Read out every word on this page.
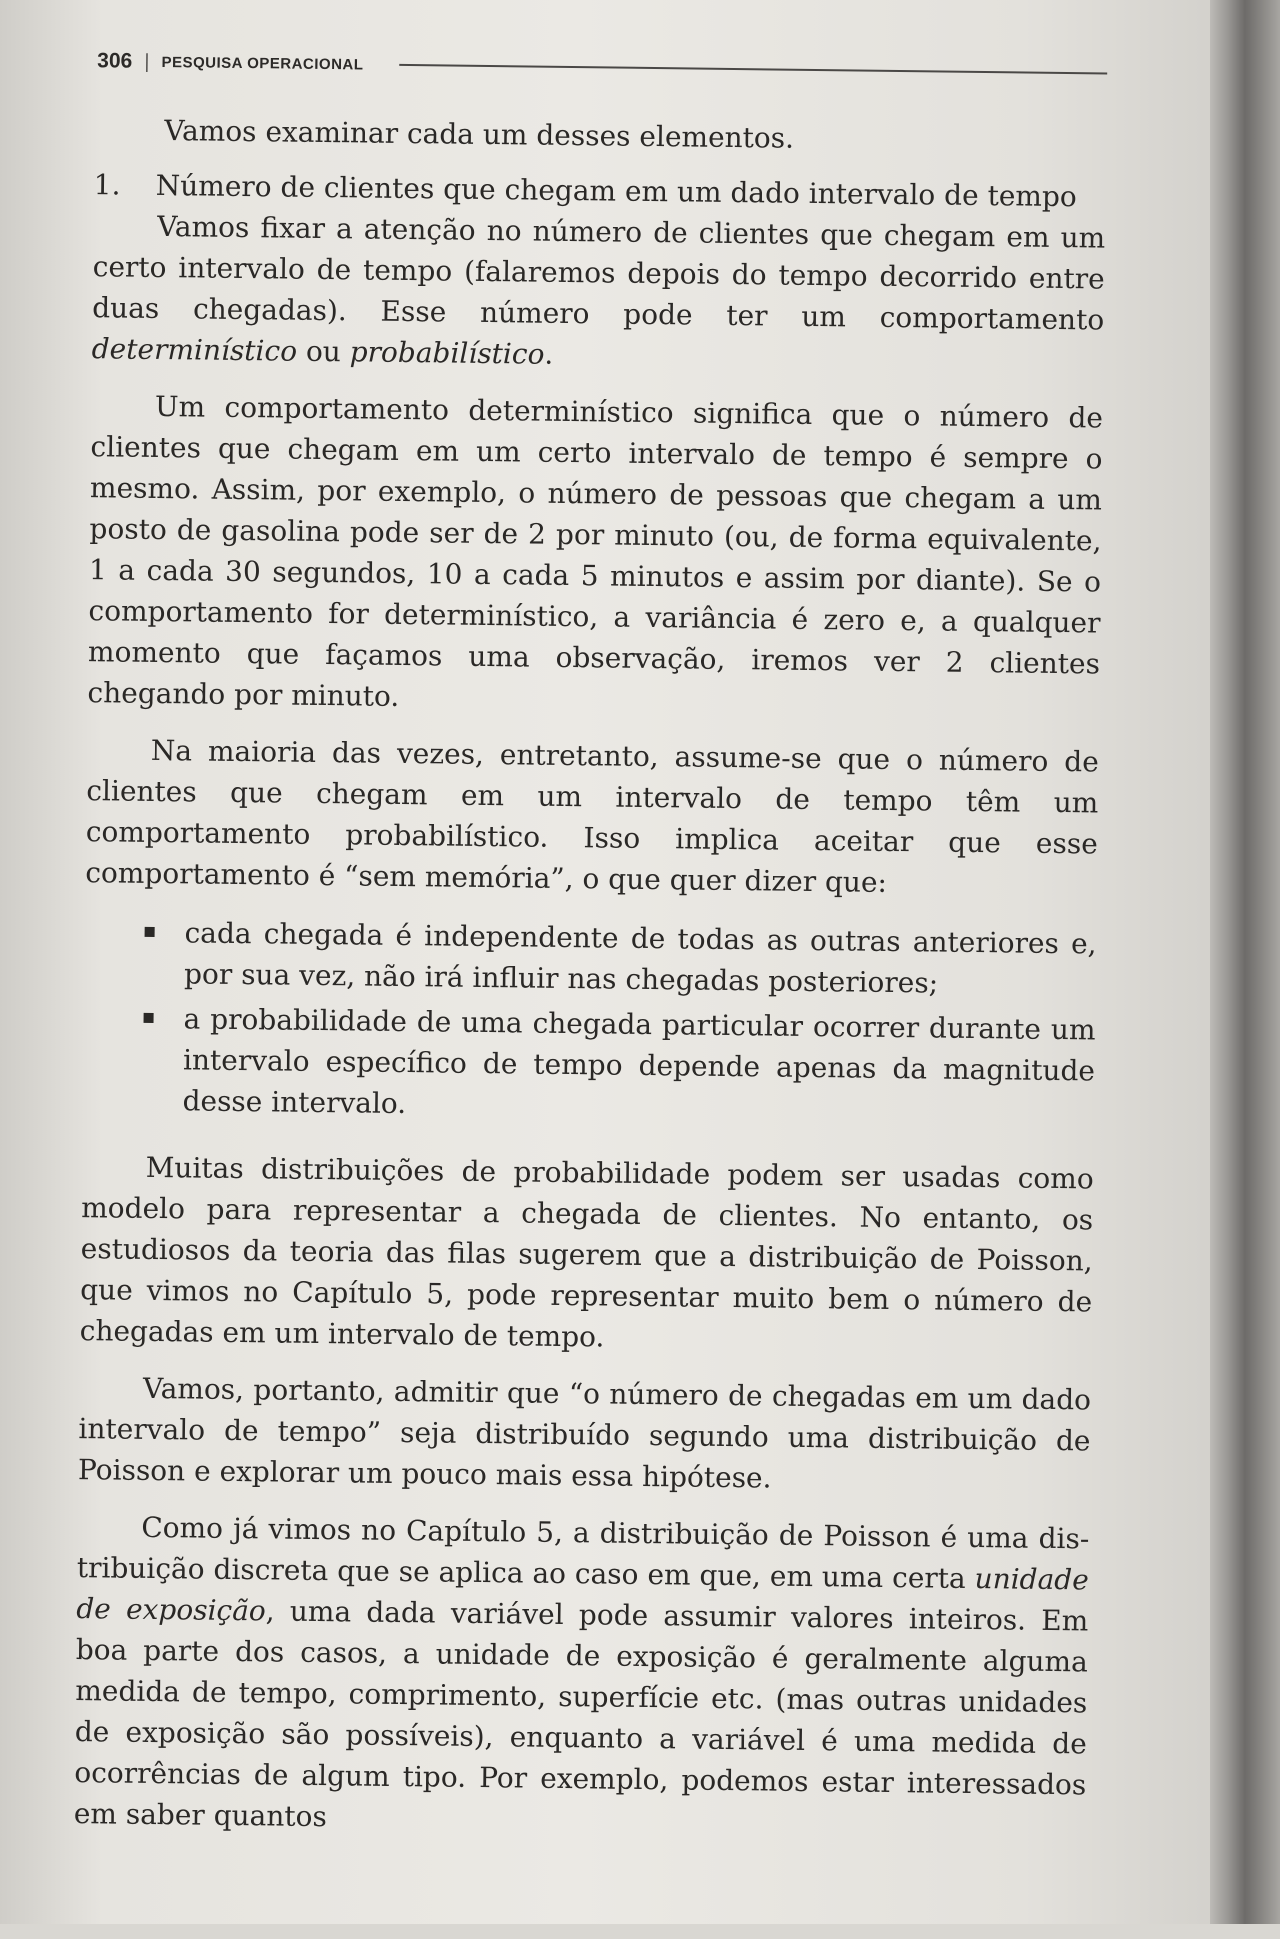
306 | PESQUISA OPERACIONAL

Vamos examinar cada um desses elementos.

1.	Número de clientes que chegam em um dado intervalo de tempo

Vamos fixar a atenção no número de clientes que chegam em um certo intervalo de tempo (falaremos depois do tempo decorrido entre duas chegadas). Esse número pode ter um comportamento determinístico ou probabilístico.

Um comportamento determinístico significa que o número de clientes que chegam em um certo intervalo de tempo é sempre o mesmo. Assim, por exemplo, o número de pessoas que chegam a um posto de gasolina pode ser de 2 por minuto (ou, de forma equivalente, 1 a cada 30 segundos, 10 a cada 5 minutos e assim por diante). Se o comportamento for determinístico, a variância é zero e, a qualquer momento que façamos uma observação, iremos ver 2 clientes chegando por minuto.

Na maioria das vezes, entretanto, assume-se que o número de clientes que chegam em um intervalo de tempo têm um comportamento probabilístico. Isso implica aceitar que esse comportamento é “sem memória”, o que quer dizer que:

cada chegada é independente de todas as outras anteriores e, por sua vez, não irá influir nas chegadas posteriores;
a probabilidade de uma chegada particular ocorrer durante um intervalo específico de tempo depende apenas da magnitude desse intervalo.

Muitas distribuições de probabilidade podem ser usadas como modelo para representar a chegada de clientes. No entanto, os estudiosos da teoria das filas sugerem que a distribuição de Poisson, que vimos no Capítulo 5, pode representar muito bem o número de chegadas em um intervalo de tempo.

Vamos, portanto, admitir que “o número de chegadas em um dado intervalo de tempo” seja distribuído segundo uma distribuição de Poisson e explorar um pouco mais essa hipótese.

Como já vimos no Capítulo 5, a distribuição de Poisson é uma distribuição discreta que se aplica ao caso em que, em uma certa unidade de exposição, uma dada variável pode assumir valores inteiros. Em boa parte dos casos, a unidade de exposição é geralmente alguma medida de tempo, comprimento, superfície etc. (mas outras unidades de exposição são possíveis), enquanto a variável é uma medida de ocorrências de algum tipo. Por exemplo, podemos estar interessados em saber quantos
